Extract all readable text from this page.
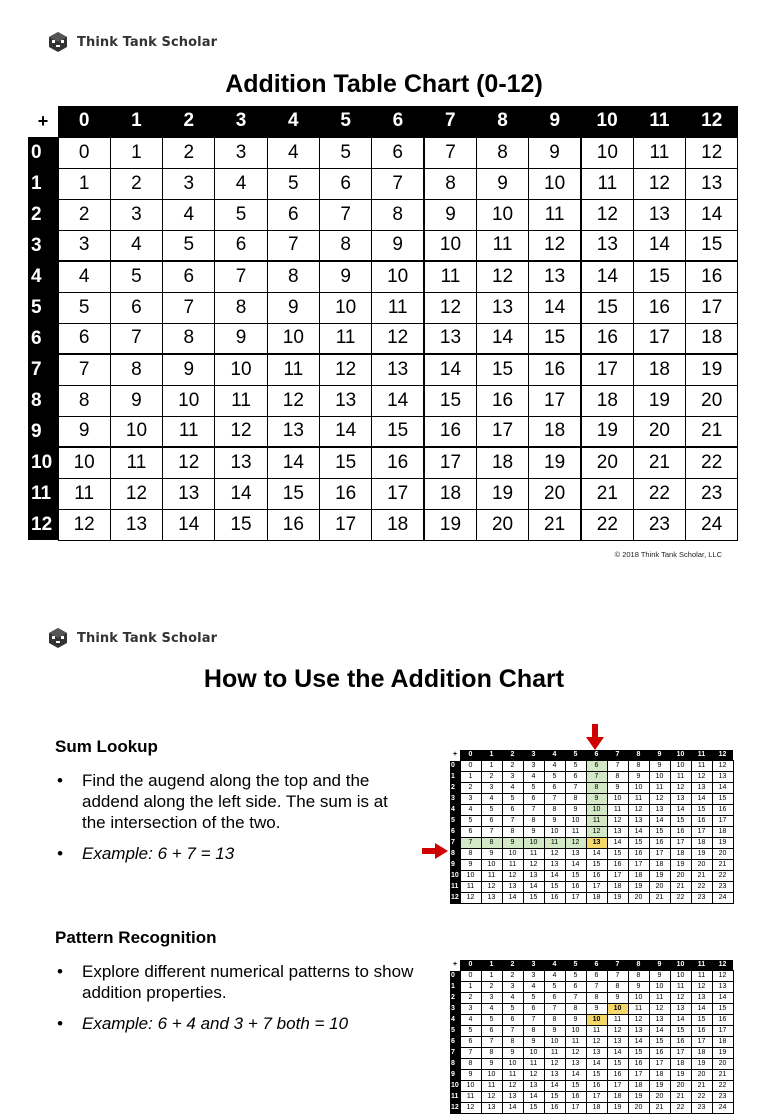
Think Tank Scholar
Addition Table Chart (0-12)
+	0	1	2	3	4	5	6	7	8	9	10	11	12
0	0	1	2	3	4	5	6	7	8	9	10	11	12
1	1	2	3	4	5	6	7	8	9	10	11	12	13
2	2	3	4	5	6	7	8	9	10	11	12	13	14
3	3	4	5	6	7	8	9	10	11	12	13	14	15
4	4	5	6	7	8	9	10	11	12	13	14	15	16
5	5	6	7	8	9	10	11	12	13	14	15	16	17
6	6	7	8	9	10	11	12	13	14	15	16	17	18
7	7	8	9	10	11	12	13	14	15	16	17	18	19
8	8	9	10	11	12	13	14	15	16	17	18	19	20
9	9	10	11	12	13	14	15	16	17	18	19	20	21
10	10	11	12	13	14	15	16	17	18	19	20	21	22
11	11	12	13	14	15	16	17	18	19	20	21	22	23
12	12	13	14	15	16	17	18	19	20	21	22	23	24
© 2018 Think Tank Scholar, LLC
Think Tank Scholar
How to Use the Addition Chart
Sum Lookup
• Find the augend along the top and the addend along the left side. The sum is at the intersection of the two.
• Example: 6 + 7 = 13
+	0	1	2	3	4	5	6	7	8	9	10	11	12
0	0	1	2	3	4	5	6	7	8	9	10	11	12
1	1	2	3	4	5	6	7	8	9	10	11	12	13
2	2	3	4	5	6	7	8	9	10	11	12	13	14
3	3	4	5	6	7	8	9	10	11	12	13	14	15
4	4	5	6	7	8	9	10	11	12	13	14	15	16
5	5	6	7	8	9	10	11	12	13	14	15	16	17
6	6	7	8	9	10	11	12	13	14	15	16	17	18
7	7	8	9	10	11	12	13	14	15	16	17	18	19
8	8	9	10	11	12	13	14	15	16	17	18	19	20
9	9	10	11	12	13	14	15	16	17	18	19	20	21
10	10	11	12	13	14	15	16	17	18	19	20	21	22
11	11	12	13	14	15	16	17	18	19	20	21	22	23
12	12	13	14	15	16	17	18	19	20	21	22	23	24
Pattern Recognition
• Explore different numerical patterns to show addition properties.
• Example: 6 + 4 and 3 + 7 both = 10
+	0	1	2	3	4	5	6	7	8	9	10	11	12
0	0	1	2	3	4	5	6	7	8	9	10	11	12
1	1	2	3	4	5	6	7	8	9	10	11	12	13
2	2	3	4	5	6	7	8	9	10	11	12	13	14
3	3	4	5	6	7	8	9	10	11	12	13	14	15
4	4	5	6	7	8	9	10	11	12	13	14	15	16
5	5	6	7	8	9	10	11	12	13	14	15	16	17
6	6	7	8	9	10	11	12	13	14	15	16	17	18
7	7	8	9	10	11	12	13	14	15	16	17	18	19
8	8	9	10	11	12	13	14	15	16	17	18	19	20
9	9	10	11	12	13	14	15	16	17	18	19	20	21
10	10	11	12	13	14	15	16	17	18	19	20	21	22
11	11	12	13	14	15	16	17	18	19	20	21	22	23
12	12	13	14	15	16	17	18	19	20	21	22	23	24
